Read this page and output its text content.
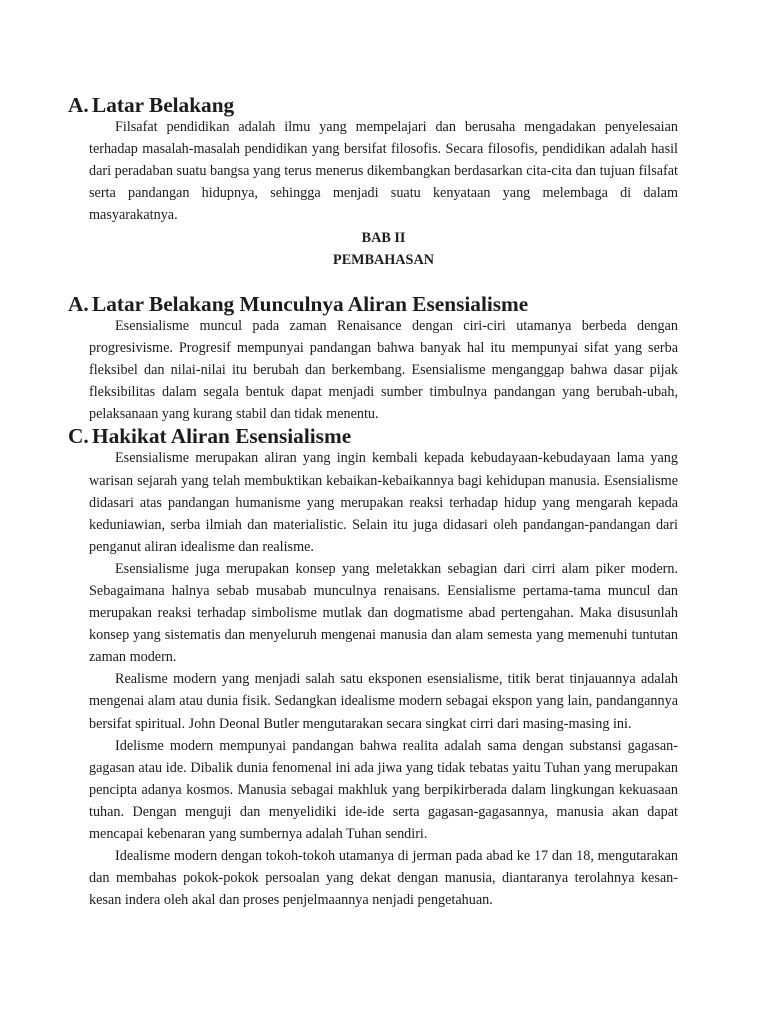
A. Latar Belakang

Filsafat pendidikan adalah ilmu yang mempelajari dan berusaha mengadakan penyelesaian terhadap masalah-masalah pendidikan yang bersifat filosofis. Secara filosofis, pendidikan adalah hasil dari peradaban suatu bangsa yang terus menerus dikembangkan berdasarkan cita-cita dan tujuan filsafat serta pandangan hidupnya, sehingga menjadi suatu kenyataan yang melembaga di dalam masyarakatnya.

BAB II

PEMBAHASAN

A. Latar Belakang Munculnya Aliran Esensialisme

Esensialisme muncul pada zaman Renaisance dengan ciri-ciri utamanya berbeda dengan progresivisme. Progresif mempunyai pandangan bahwa banyak hal itu mempunyai sifat yang serba fleksibel dan nilai-nilai itu berubah dan berkembang. Esensialisme menganggap bahwa dasar pijak fleksibilitas dalam segala bentuk dapat menjadi sumber timbulnya pandangan yang berubah-ubah, pelaksanaan yang kurang stabil dan tidak menentu.

C. Hakikat Aliran Esensialisme

Esensialisme merupakan aliran yang ingin kembali kepada kebudayaan-kebudayaan lama yang warisan sejarah yang telah membuktikan kebaikan-kebaikannya bagi kehidupan manusia. Esensialisme didasari atas pandangan humanisme yang merupakan reaksi terhadap hidup yang mengarah kepada keduniawian, serba ilmiah dan materialistic. Selain itu juga didasari oleh pandangan-pandangan dari penganut aliran idealisme dan realisme.

Esensialisme juga merupakan konsep yang meletakkan sebagian dari cirri alam piker modern. Sebagaimana halnya sebab musabab munculnya renaisans. Eensialisme pertama-tama muncul dan merupakan reaksi terhadap simbolisme mutlak dan dogmatisme abad pertengahan. Maka disusunlah konsep yang sistematis dan menyeluruh mengenai manusia dan alam semesta yang memenuhi tuntutan zaman modern.

Realisme modern yang menjadi salah satu eksponen esensialisme, titik berat tinjauannya adalah mengenai alam atau dunia fisik. Sedangkan idealisme modern sebagai ekspon yang lain, pandangannya bersifat spiritual. John Deonal Butler mengutarakan secara singkat cirri dari masing-masing ini.

Idelisme modern mempunyai pandangan bahwa realita adalah sama dengan substansi gagasan-gagasan atau ide. Dibalik dunia fenomenal ini ada jiwa yang tidak tebatas yaitu Tuhan yang merupakan pencipta adanya kosmos. Manusia sebagai makhluk yang berpikirberada dalam lingkungan kekuasaan tuhan. Dengan menguji dan menyelidiki ide-ide serta gagasan-gagasannya, manusia akan dapat mencapai kebenaran yang sumbernya adalah Tuhan sendiri.

Idealisme modern dengan tokoh-tokoh utamanya di jerman pada abad ke 17 dan 18, mengutarakan dan membahas pokok-pokok persoalan yang dekat dengan manusia, diantaranya terolahnya kesan-kesan indera oleh akal dan proses penjelmaannya nenjadi pengetahuan.
